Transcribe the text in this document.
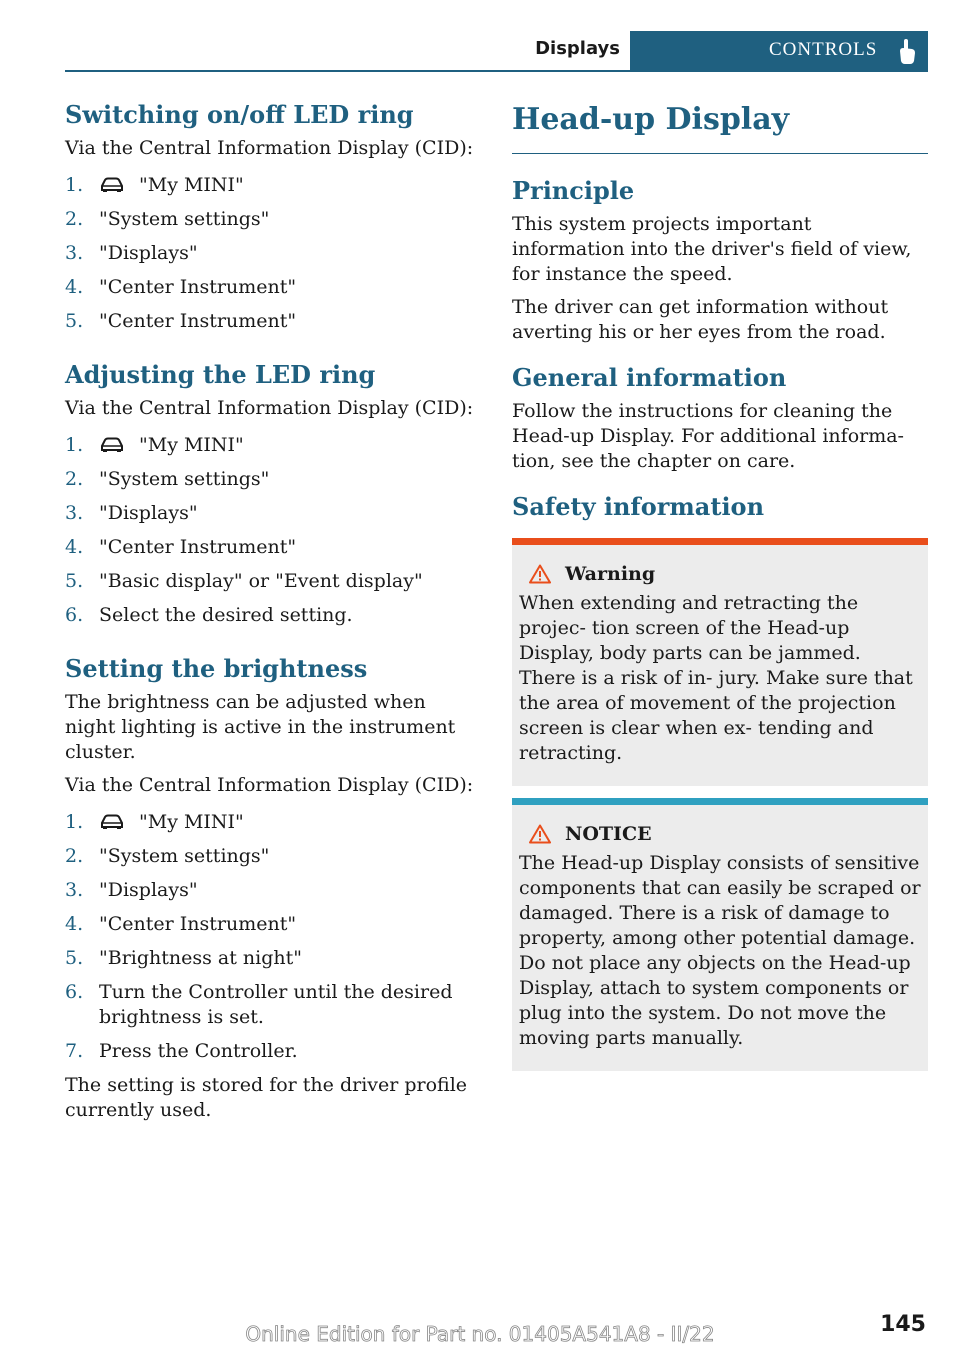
Displays	CONTROLS
Switching on/off LED ring

Via the Central Information Display (CID):

1.	"My MINI"
2. "System settings"
3. "Displays"
4. "Center Instrument"
5. "Center Instrument"
Adjusting the LED ring

Via the Central Information Display (CID):

1.	"My MINI"
2. "System settings"
3. "Displays"
4. "Center Instrument"
5. "Basic display" or "Event display"
6. Select the desired setting.
Setting the brightness

The brightness can be adjusted when night lighting is active in the instrument cluster.

Via the Central Information Display (CID):

1.	"My MINI"
2. "System settings"
3. "Displays"
4. "Center Instrument"
5. "Brightness at night"
6. Turn the Controller until the desired brightness is set.
7. Press the Controller.

The setting is stored for the driver profile currently used.

Head-up Display
Principle

This system projects important information into the driver's field of view, for instance the speed.

The driver can get information without averting his or her eyes from the road.

General information

Follow the instructions for cleaning the Head-up Display. For additional informa‐ tion, see the chapter on care.

Safety information
Warning

When extending and retracting the projec‐ tion screen of the Head-up Display, body parts can be jammed. There is a risk of in‐ jury. Make sure that the area of movement of the projection screen is clear when ex‐ tending and retracting.

NOTICE

The Head-up Display consists of sensitive components that can easily be scraped or damaged. There is a risk of damage to property, among other potential damage. Do not place any objects on the Head-up Display, attach to system components or plug into the system. Do not move the moving parts manually.

145
Online Edition for Part no. 01405A541A8 - II/22
